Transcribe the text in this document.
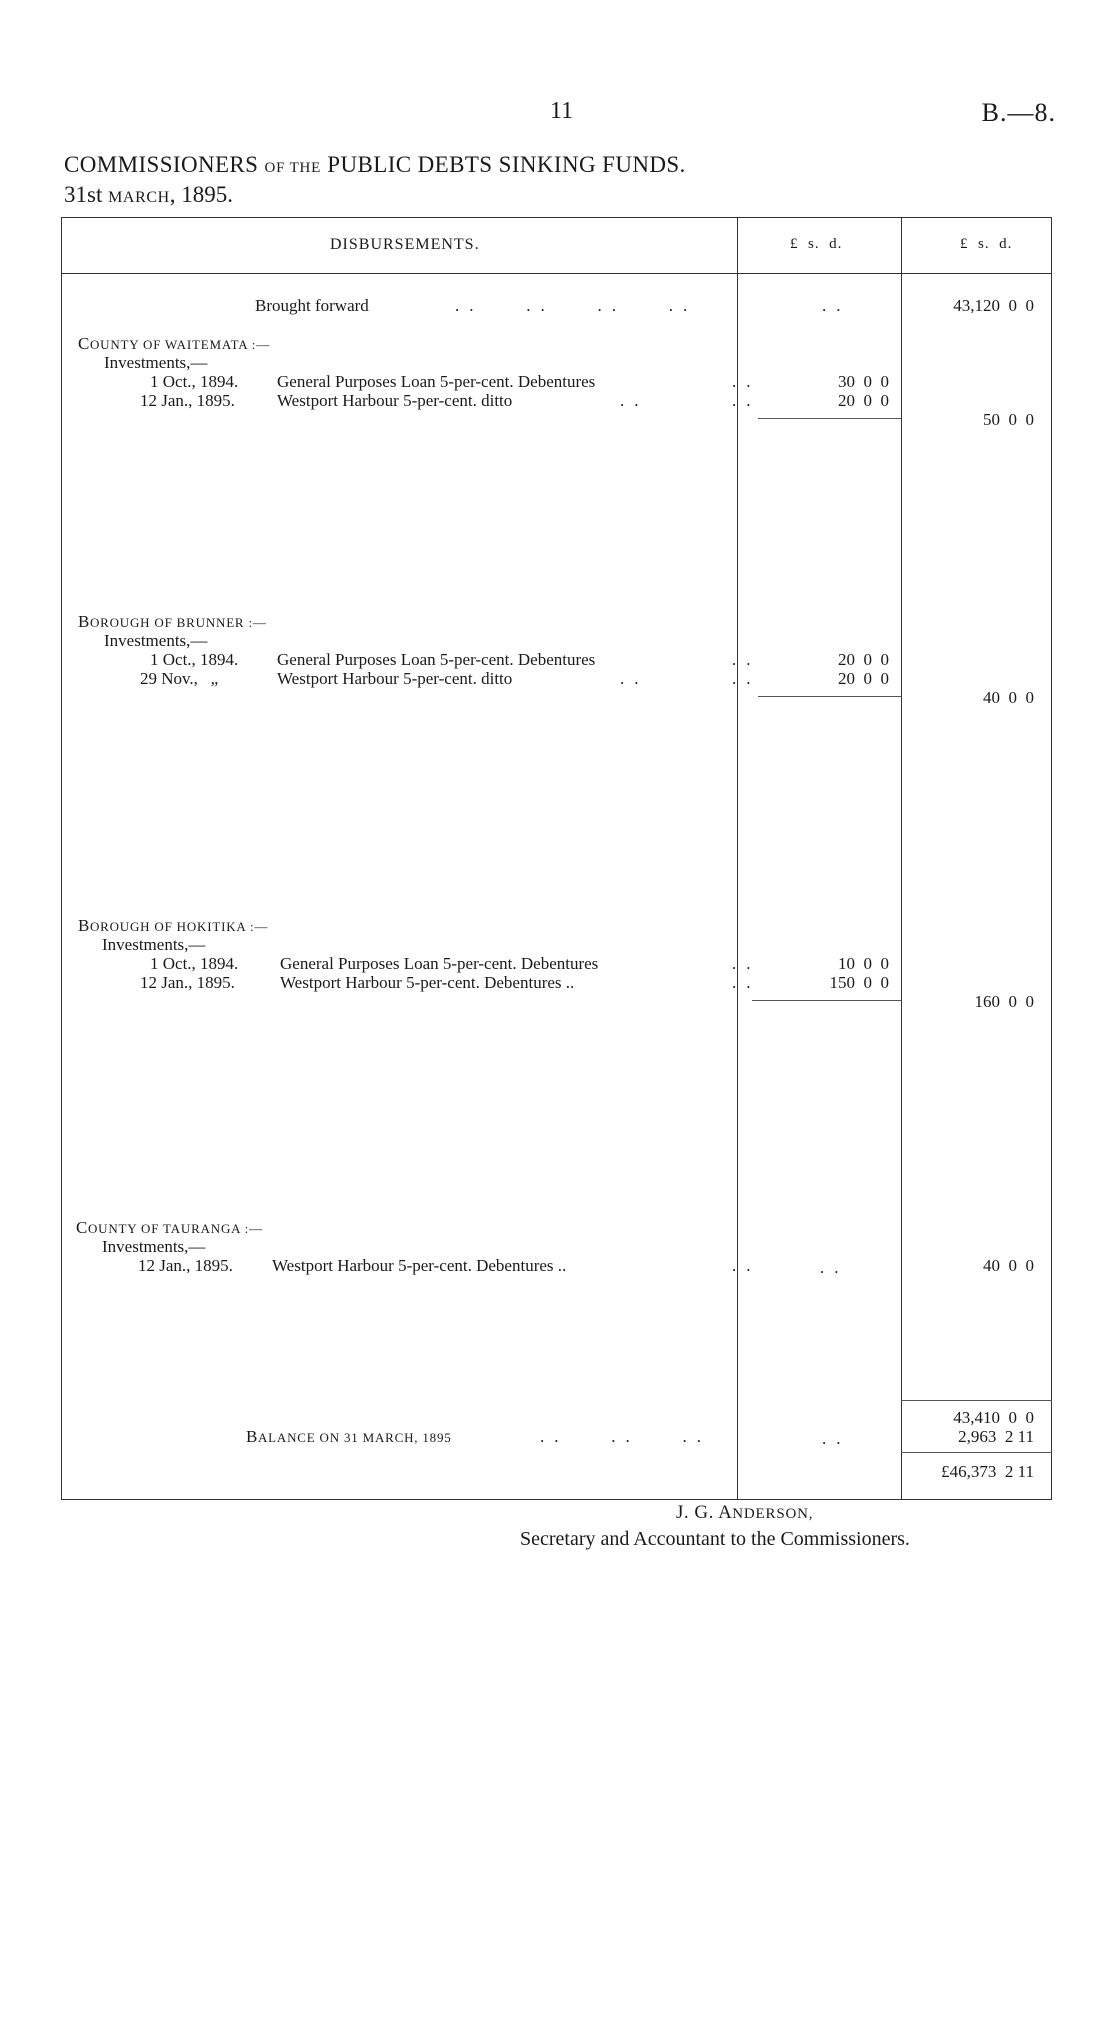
11	B.—8.
COMMISSIONERS OF THE PUBLIC DEBTS SINKING FUNDS.
31st MARCH, 1895.
DISBURSEMENTS.	£  s.  d.	£  s.  d.
Brought forward	..   ..   ..   ..	..	43,120  0  0
COUNTY OF WAITEMATA :—
Investments,—
1 Oct., 1894. General Purposes Loan 5-per-cent. Debentures	..	30  0  0
12 Jan., 1895. Westport Harbour 5-per-cent. ditto	..	..	20  0  0
50  0  0
BOROUGH OF BRUNNER :—
Investments,—
1 Oct., 1894. General Purposes Loan 5-per-cent. Debentures	..	20  0  0
29 Nov.,   „	Westport Harbour 5-per-cent. ditto	..	..	20  0  0
40  0  0
BOROUGH OF HOKITIKA :—
Investments,—
1 Oct., 1894. General Purposes Loan 5-per-cent. Debentures	..	10  0  0
12 Jan., 1895.	Westport Harbour 5-per-cent. Debentures ..	..	150  0  0
160  0  0
COUNTY OF TAURANGA :—
Investments,—
12 Jan., 1895. Westport Harbour 5-per-cent. Debentures ..	..	..	40  0  0
43,410  0  0
BALANCE ON 31 MARCH, 1895	..   ..   ..	..	2,963  2 11
£46,373  2 11
J. G. ANDERSON,
Secretary and Accountant to the Commissioners.
